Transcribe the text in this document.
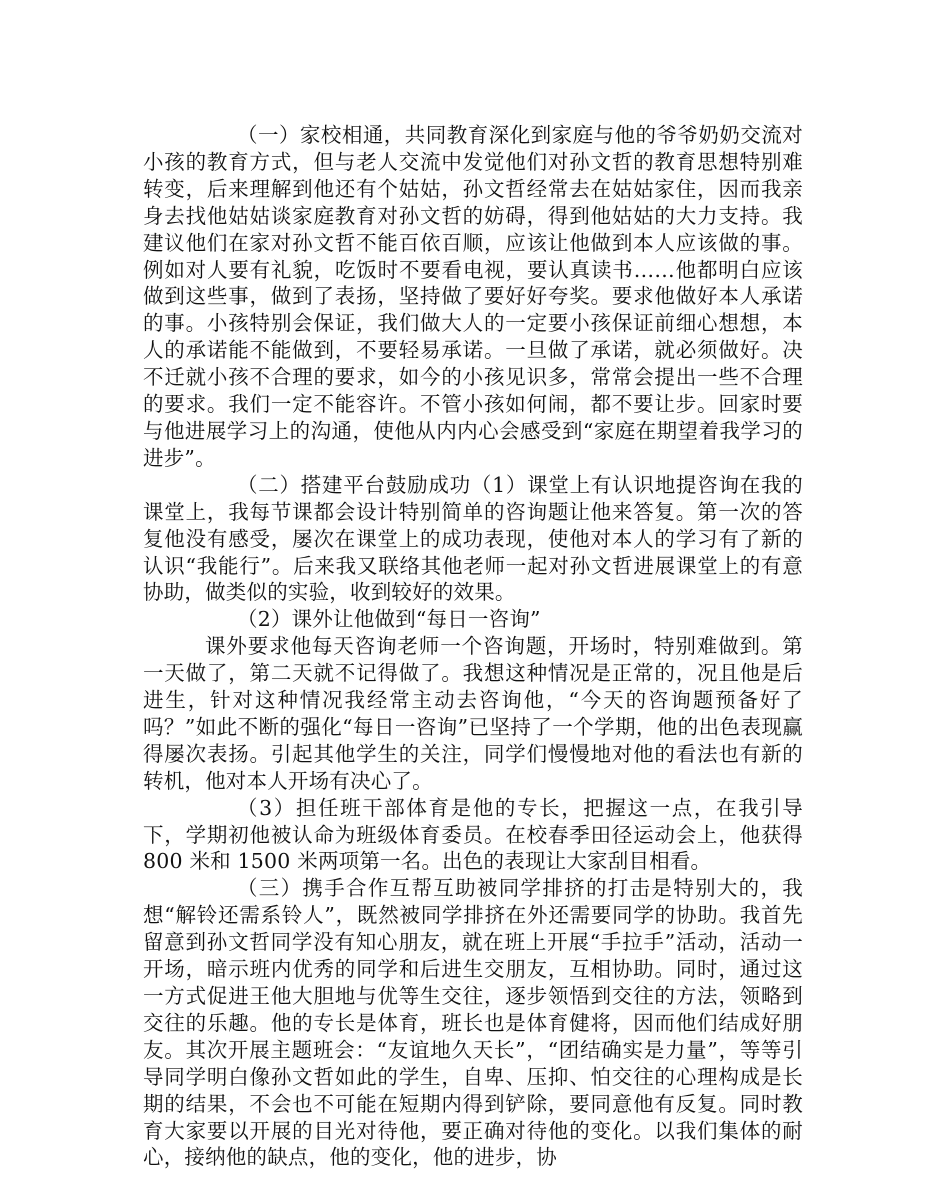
（一）家校相通，共同教育深化到家庭与他的爷爷奶奶交流对小孩的教育方式，但与老人交流中发觉他们对孙文哲的教育思想特别难转变，后来理解到他还有个姑姑，孙文哲经常去在姑姑家住，因而我亲身去找他姑姑谈家庭教育对孙文哲的妨碍，得到他姑姑的大力支持。我建议他们在家对孙文哲不能百依百顺，应该让他做到本人应该做的事。例如对人要有礼貌，吃饭时不要看电视，要认真读书……他都明白应该做到这些事，做到了表扬，坚持做了要好好夸奖。要求他做好本人承诺的事。小孩特别会保证，我们做大人的一定要小孩保证前细心想想，本人的承诺能不能做到，不要轻易承诺。一旦做了承诺，就必须做好。决不迁就小孩不合理的要求，如今的小孩见识多，常常会提出一些不合理的要求。我们一定不能容许。不管小孩如何闹，都不要让步。回家时要与他进展学习上的沟通，使他从内内心会感受到“家庭在期望着我学习的进步”。

（二）搭建平台鼓励成功（1）课堂上有认识地提咨询在我的课堂上，我每节课都会设计特别简单的咨询题让他来答复。第一次的答复他没有感受，屡次在课堂上的成功表现，使他对本人的学习有了新的认识“我能行”。后来我又联络其他老师一起对孙文哲进展课堂上的有意协助，做类似的实验，收到较好的效果。

（2）课外让他做到“每日一咨询”

课外要求他每天咨询老师一个咨询题，开场时，特别难做到。第一天做了，第二天就不记得做了。我想这种情况是正常的，况且他是后进生，针对这种情况我经常主动去咨询他，“今天的咨询题预备好了吗？”如此不断的强化“每日一咨询”已坚持了一个学期，他的出色表现赢得屡次表扬。引起其他学生的关注，同学们慢慢地对他的看法也有新的转机，他对本人开场有决心了。

（3）担任班干部体育是他的专长，把握这一点，在我引导下，学期初他被认命为班级体育委员。在校春季田径运动会上，他获得 800 米和 1500 米两项第一名。出色的表现让大家刮目相看。

（三）携手合作互帮互助被同学排挤的打击是特别大的，我想“解铃还需系铃人”，既然被同学排挤在外还需要同学的协助。我首先留意到孙文哲同学没有知心朋友，就在班上开展“手拉手”活动，活动一开场，暗示班内优秀的同学和后进生交朋友，互相协助。同时，通过这一方式促进王他大胆地与优等生交往，逐步领悟到交往的方法，领略到交往的乐趣。他的专长是体育，班长也是体育健将，因而他们结成好朋友。其次开展主题班会：“友谊地久天长”，“团结确实是力量”，等等引导同学明白像孙文哲如此的学生，自卑、压抑、怕交往的心理构成是长期的结果，不会也不可能在短期内得到铲除，要同意他有反复。同时教育大家要以开展的目光对待他，要正确对待他的变化。以我们集体的耐心，接纳他的缺点，他的变化，他的进步，协
